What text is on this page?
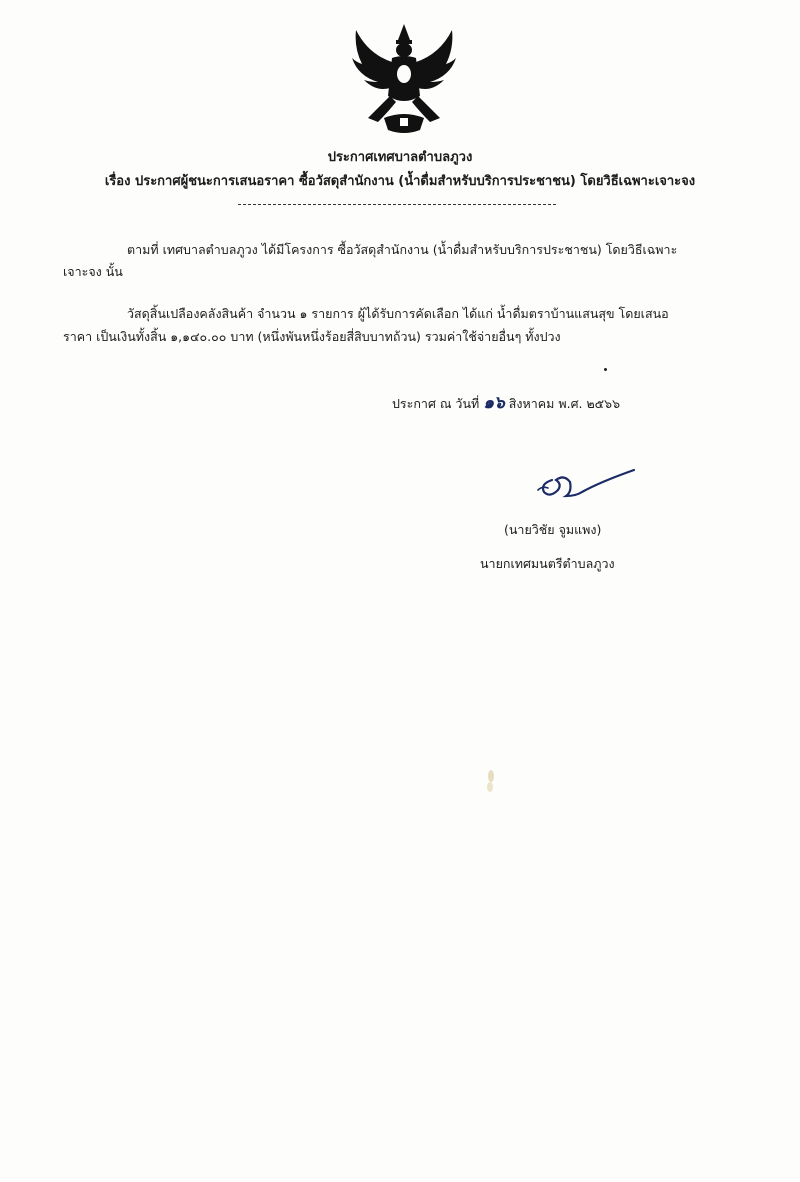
ประกาศเทศบาลตำบลภูวง
เรื่อง ประกาศผู้ชนะการเสนอราคา ซื้อวัสดุสำนักงาน (น้ำดื่มสำหรับบริการประชาชน) โดยวิธีเฉพาะเจาะจง
ตามที่ เทศบาลตำบลภูวง ได้มีโครงการ ซื้อวัสดุสำนักงาน (น้ำดื่มสำหรับบริการประชาชน) โดยวิธีเฉพาะ
เจาะจง นั้น
วัสดุสิ้นเปลืองคลังสินค้า จำนวน ๑ รายการ ผู้ได้รับการคัดเลือก ได้แก่ น้ำดื่มตราบ้านแสนสุข โดยเสนอ
ราคา เป็นเงินทั้งสิ้น ๑,๑๔๐.๐๐ บาท (หนึ่งพันหนึ่งร้อยสี่สิบบาทถ้วน) รวมค่าใช้จ่ายอื่นๆ ทั้งปวง
ประกาศ ณ วันที่ ๑๖ สิงหาคม พ.ศ. ๒๕๖๖
(นายวิชัย จูมแพง)
นายกเทศมนตรีตำบลภูวง
